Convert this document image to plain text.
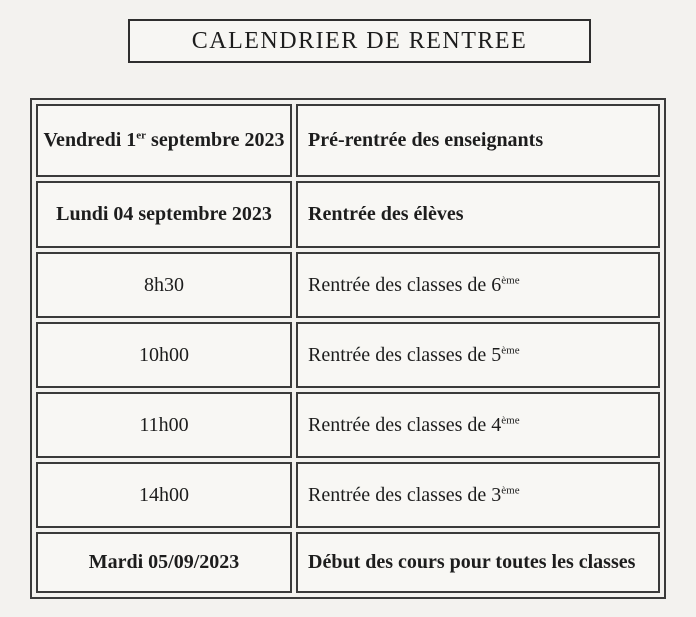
CALENDRIER DE RENTREE
Vendredi 1er septembre 2023	Pré-rentrée des enseignants
Lundi 04 septembre 2023	Rentrée des élèves
8h30	Rentrée des classes de 6ème
10h00	Rentrée des classes de 5ème
11h00	Rentrée des classes de 4ème
14h00	Rentrée des classes de 3ème
Mardi 05/09/2023	Début des cours pour toutes les classes
